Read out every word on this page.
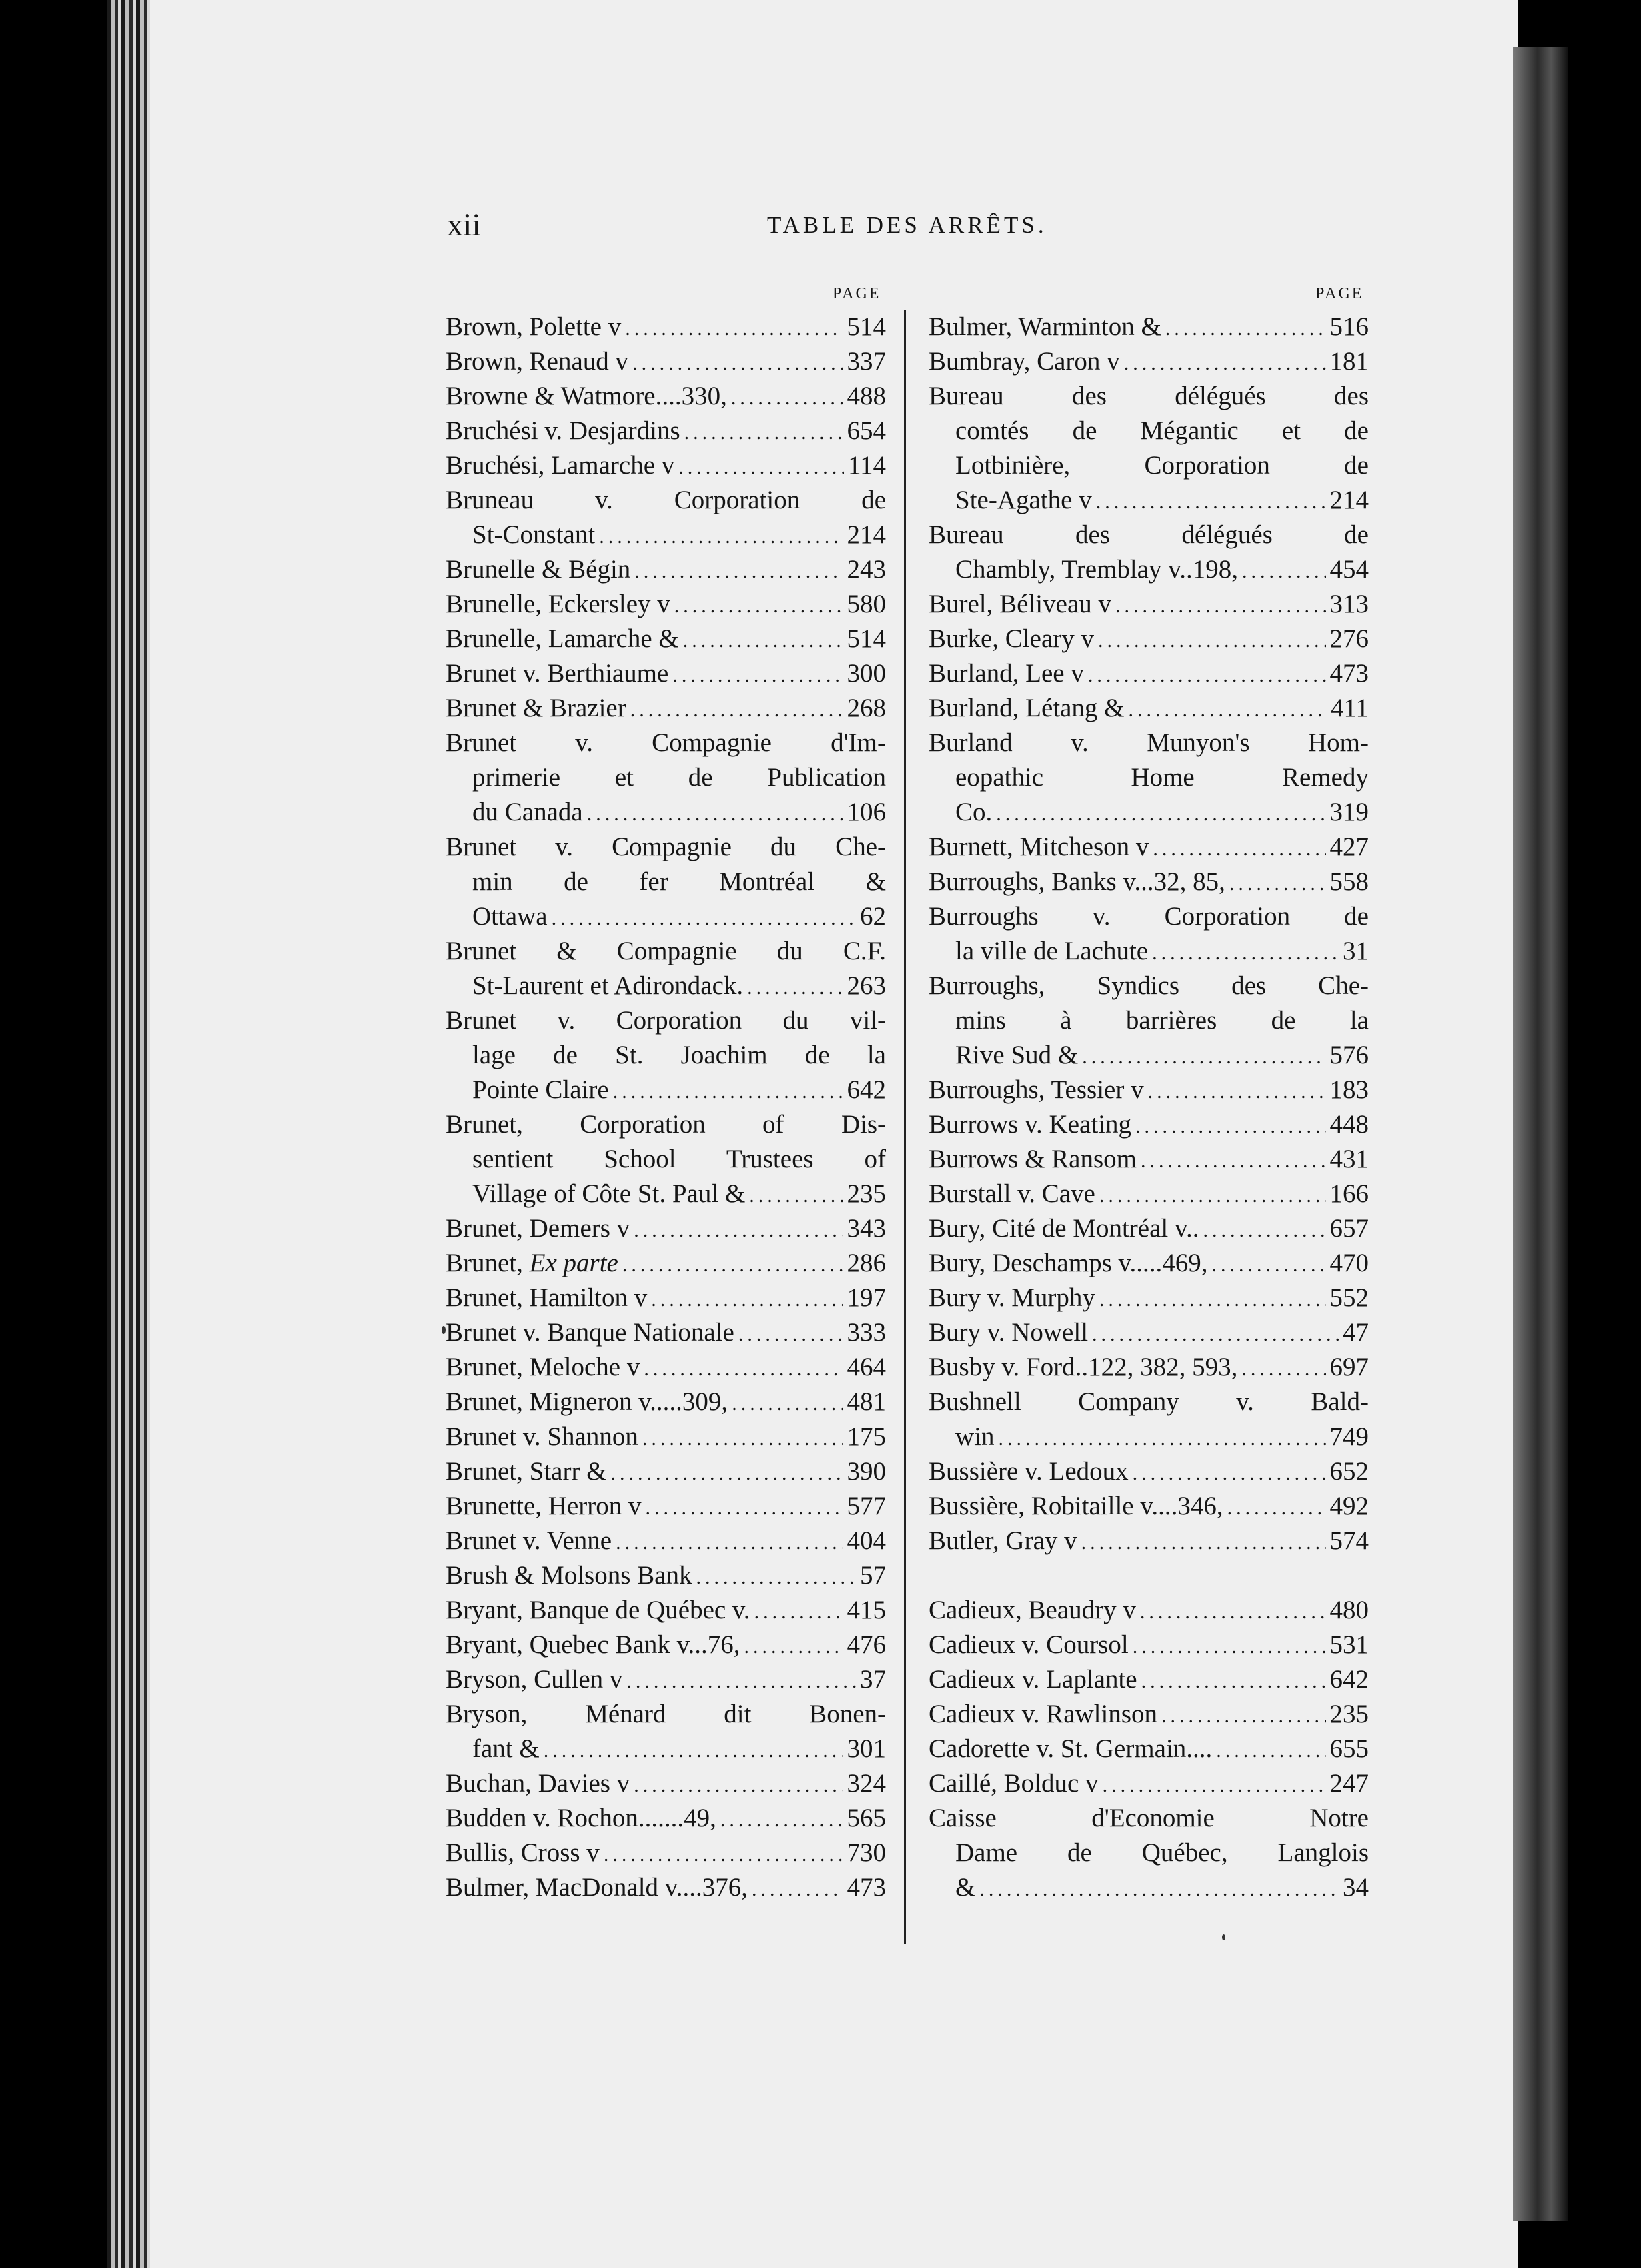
xii	TABLE DES ARRÊTS.
PAGE	PAGE
Brown, Polette v .....	514
Brown, Renaud v .....	337
Browne & Watmore....330, .....	488
Bruchési v. Desjardins .....	654
Bruchési, Lamarche v .....	114
Bruneau v. Corporation de
St-Constant .....	214
Brunelle & Bégin .....	243
Brunelle, Eckersley v .....	580
Brunelle, Lamarche & .....	514
Brunet v. Berthiaume .....	300
Brunet & Brazier .....	268
Brunet v. Compagnie d'Im-
primerie et de Publication
du Canada .....	106
Brunet v. Compagnie du Che-
min de fer Montréal &
Ottawa .....	62
Brunet & Compagnie du C.F.
St-Laurent et Adirondack. .....	263
Brunet v. Corporation du vil-
lage de St. Joachim de la
Pointe Claire .....	642
Brunet, Corporation of Dis-
sentient School Trustees of
Village of Côte St. Paul & .....	235
Brunet, Demers v .....	343
Brunet, Ex parte .....	286
Brunet, Hamilton v .....	197
Brunet v. Banque Nationale .....	333
Brunet, Meloche v .....	464
Brunet, Migneron v.....309, .....	481
Brunet v. Shannon .....	175
Brunet, Starr & .....	390
Brunette, Herron v .....	577
Brunet v. Venne .....	404
Brush & Molsons Bank .....	57
Bryant, Banque de Québec v. .....	415
Bryant, Quebec Bank v...76, .....	476
Bryson, Cullen v .....	37
Bryson, Ménard dit Bonen-
fant & .....	301
Buchan, Davies v .....	324
Budden v. Rochon.......49, .....	565
Bullis, Cross v .....	730
Bulmer, MacDonald v....376, .....	473
Bulmer, Warminton & .....	516
Bumbray, Caron v .....	181
Bureau des délégués des
comtés de Mégantic et de
Lotbinière, Corporation de
Ste-Agathe v .....	214
Bureau des délégués de
Chambly, Tremblay v..198, .....	454
Burel, Béliveau v .....	313
Burke, Cleary v .....	276
Burland, Lee v .....	473
Burland, Létang & .....	411
Burland v. Munyon's Hom-
eopathic Home Remedy
Co. .....	319
Burnett, Mitcheson v .....	427
Burroughs, Banks v...32, 85, .....	558
Burroughs v. Corporation de
la ville de Lachute .....	31
Burroughs, Syndics des Che-
mins à barrières de la
Rive Sud & .....	576
Burroughs, Tessier v .....	183
Burrows v. Keating .....	448
Burrows & Ransom .....	431
Burstall v. Cave .....	166
Bury, Cité de Montréal v.. .....	657
Bury, Deschamps v.....469, .....	470
Bury v. Murphy .....	552
Bury v. Nowell .....	47
Busby v. Ford..122, 382, 593, .....	697
Bushnell Company v. Bald-
win .....	749
Bussière v. Ledoux .....	652
Bussière, Robitaille v....346, .....	492
Butler, Gray v .....	574
Cadieux, Beaudry v .....	480
Cadieux v. Coursol .....	531
Cadieux v. Laplante .....	642
Cadieux v. Rawlinson .....	235
Cadorette v. St. Germain.... .....	655
Caillé, Bolduc v .....	247
Caisse d'Economie Notre
Dame de Québec, Langlois
& .....	34
